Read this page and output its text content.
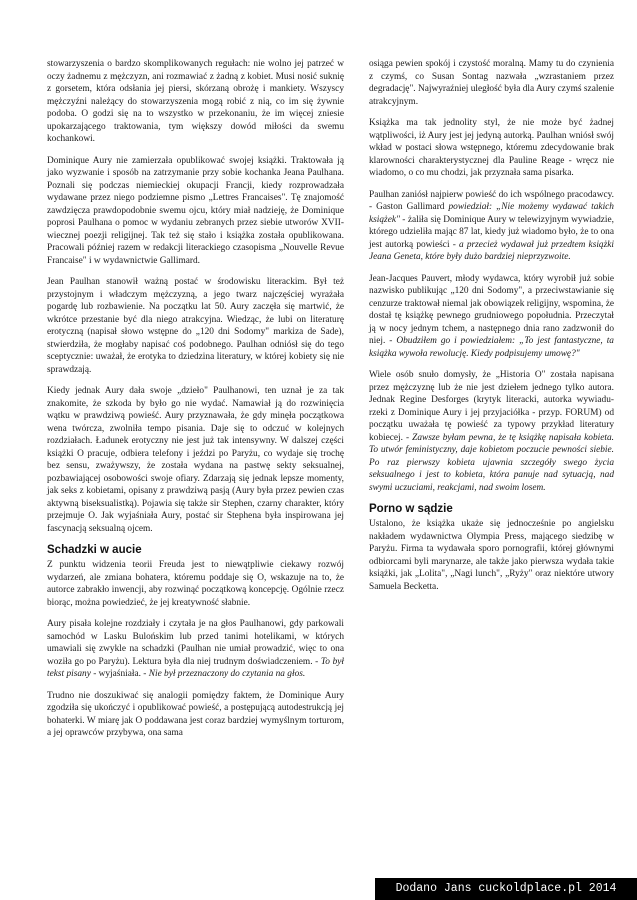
stowarzyszenia o bardzo skomplikowanych regułach: nie wolno jej patrzeć w oczy żadnemu z mężczyzn, ani rozmawiać z żadną z kobiet. Musi nosić suknię z gorsetem, która odsłania jej piersi, skórzaną obrożę i mankiety. Wszyscy mężczyźni należący do stowarzyszenia mogą robić z nią, co im się żywnie podoba. O godzi się na to wszystko w przekonaniu, że im więcej zniesie upokarzającego traktowania, tym większy dowód miłości da swemu kochankowi.

Dominique Aury nie zamierzała opublikować swojej książki. Traktowała ją jako wyzwanie i sposób na zatrzymanie przy sobie kochanka Jeana Paulhana. Poznali się podczas niemieckiej okupacji Francji, kiedy rozprowadzała wydawane przez niego podziemne pismo „Lettres Francaises". Tę znajomość zawdzięcza prawdopodobnie swemu ojcu, który miał nadzieję, że Dominique poprosi Paulhana o pomoc w wydaniu zebranych przez siebie utworów XVII-wiecznej poezji religijnej. Tak też się stało i książka została opublikowana. Pracowali później razem w redakcji literackiego czasopisma „Nouvelle Revue Francaise" i w wydawnictwie Gallimard.

Jean Paulhan stanowił ważną postać w środowisku literackim. Był też przystojnym i władczym mężczyzną, a jego twarz najczęściej wyrażała pogardę lub rozbawienie. Na początku lat 50. Aury zaczęła się martwić, że wkrótce przestanie być dla niego atrakcyjna. Wiedząc, że lubi on literaturę erotyczną (napisał słowo wstępne do „120 dni Sodomy" markiza de Sade), stwierdziła, że mogłaby napisać coś podobnego. Paulhan odniósł się do tego sceptycznie: uważał, że erotyka to dziedzina literatury, w której kobiety się nie sprawdzają.

Kiedy jednak Aury dała swoje „dzieło" Paulhanowi, ten uznał je za tak znakomite, że szkoda by było go nie wydać. Namawiał ją do rozwinięcia wątku w prawdziwą powieść. Aury przyznawała, że gdy minęła początkowa wena twórcza, zwolniła tempo pisania. Daje się to odczuć w kolejnych rozdziałach. Ładunek erotyczny nie jest już tak intensywny. W dalszej części książki O pracuje, odbiera telefony i jeździ po Paryżu, co wydaje się trochę bez sensu, zważywszy, że została wydana na pastwę sekty seksualnej, pozbawiającej osobowości swoje ofiary. Zdarzają się jednak lepsze momenty, jak seks z kobietami, opisany z prawdziwą pasją (Aury była przez pewien czas aktywną biseksualistką). Pojawia się także sir Stephen, czarny charakter, który przejmuje O. Jak wyjaśniała Aury, postać sir Stephena była inspirowana jej fascynacją seksualną ojcem.

Schadzki w aucie

Z punktu widzenia teorii Freuda jest to niewątpliwie ciekawy rozwój wydarzeń, ale zmiana bohatera, któremu poddaje się O, wskazuje na to, że autorce zabrakło inwencji, aby rozwinąć początkową koncepcję. Ogólnie rzecz biorąc, można powiedzieć, że jej kreatywność słabnie.

Aury pisała kolejne rozdziały i czytała je na głos Paulhanowi, gdy parkowali samochód w Lasku Bulońskim lub przed tanimi hotelikami, w których umawiali się zwykle na schadzki (Paulhan nie umiał prowadzić, więc to ona woziła go po Paryżu). Lektura była dla niej trudnym doświadczeniem. - To był tekst pisany - wyjaśniała. - Nie był przeznaczony do czytania na głos.

Trudno nie doszukiwać się analogii pomiędzy faktem, że Dominique Aury zgodziła się ukończyć i opublikować powieść, a postępującą autodestrukcją jej bohaterki. W miarę jak O poddawana jest coraz bardziej wymyślnym torturom, a jej oprawców przybywa, ona sama

osiąga pewien spokój i czystość moralną. Mamy tu do czynienia z czymś, co Susan Sontag nazwała „wzrastaniem przez degradację". Najwyraźniej uległość była dla Aury czymś szalenie atrakcyjnym.

Książka ma tak jednolity styl, że nie może być żadnej wątpliwości, iż Aury jest jej jedyną autorką. Paulhan wniósł swój wkład w postaci słowa wstępnego, któremu zdecydowanie brak klarowności charakterystycznej dla Pauline Reage - wręcz nie wiadomo, o co mu chodzi, jak przyznała sama pisarka.

Paulhan zaniósł najpierw powieść do ich wspólnego pracodawcy. - Gaston Gallimard powiedział: „Nie możemy wydawać takich książek" - żaliła się Dominique Aury w telewizyjnym wywiadzie, którego udzieliła mając 87 lat, kiedy już wiadomo było, że to ona jest autorką powieści - a przecież wydawał już przedtem książki Jeana Geneta, które były dużo bardziej nieprzyzwoite.

Jean-Jacques Pauvert, młody wydawca, który wyrobił już sobie nazwisko publikując „120 dni Sodomy", a przeciwstawianie się cenzurze traktował niemal jak obowiązek religijny, wspomina, że dostał tę książkę pewnego grudniowego popołudnia. Przeczytał ją w nocy jednym tchem, a następnego dnia rano zadzwonił do niej. - Obudziłem go i powiedziałem: „To jest fantastyczne, ta książka wywoła rewolucję. Kiedy podpisujemy umowę?"

Wiele osób snuło domysły, że „Historia O" została napisana przez mężczyznę lub że nie jest dziełem jednego tylko autora. Jednak Regine Desforges (krytyk literacki, autorka wywiadu-rzeki z Dominique Aury i jej przyjaciółka - przyp. FORUM) od początku uważała tę powieść za typowy przykład literatury kobiecej. - Zawsze byłam pewna, że tę książkę napisała kobieta. To utwór feministyczny, daje kobietom poczucie pewności siebie. Po raz pierwszy kobieta ujawnia szczegóły swego życia seksualnego i jest to kobieta, która panuje nad sytuacją, nad swymi uczuciami, reakcjami, nad swoim losem.

Porno w sądzie

Ustalono, że książka ukaże się jednocześnie po angielsku nakładem wydawnictwa Olympia Press, mającego siedzibę w Paryżu. Firma ta wydawała sporo pornografii, której głównymi odbiorcami byli marynarze, ale także jako pierwsza wydała takie książki, jak „Lolita", „Nagi lunch", „Ryży" oraz niektóre utwory Samuela Becketta.

Dodano Jans cuckoldplace.pl 2014
